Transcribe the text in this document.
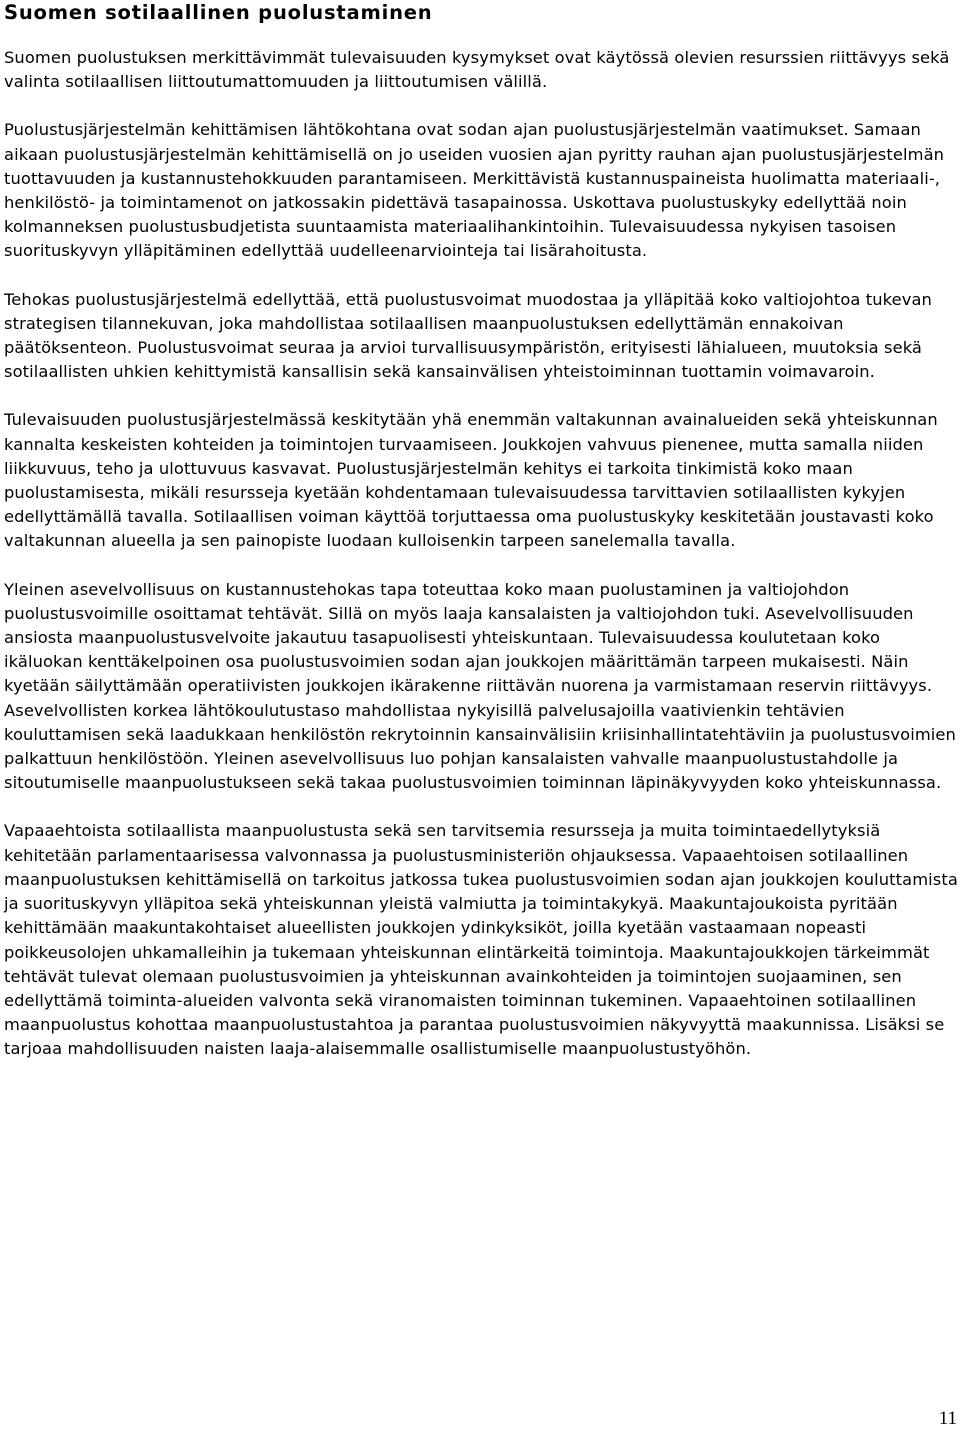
Suomen sotilaallinen puolustaminen

Suomen puolustuksen merkittävimmät tulevaisuuden kysymykset ovat käytössä olevien resurssien riittävyys sekä valinta sotilaallisen liittoutumattomuuden ja liittoutumisen välillä.

Puolustusjärjestelmän kehittämisen lähtökohtana ovat sodan ajan puolustusjärjestelmän vaatimukset. Samaan aikaan puolustusjärjestelmän kehittämisellä on jo useiden vuosien ajan pyritty rauhan ajan puolustusjärjestelmän tuottavuuden ja kustannustehokkuuden parantamiseen. Merkittävistä kustannuspaineista huolimatta materiaali-, henkilöstö- ja toimintamenot on jatkossakin pidettävä tasapainossa. Uskottava puolustuskyky edellyttää noin kolmanneksen puolustusbudjetista suuntaamista materiaalihankintoihin. Tulevaisuudessa nykyisen tasoisen suorituskyvyn ylläpitäminen edellyttää uudelleenarviointeja tai lisärahoitusta.

Tehokas puolustusjärjestelmä edellyttää, että puolustusvoimat muodostaa ja ylläpitää koko valtiojohtoa tukevan strategisen tilannekuvan, joka mahdollistaa sotilaallisen maanpuolustuksen edellyttämän ennakoivan päätöksenteon. Puolustusvoimat seuraa ja arvioi turvallisuusympäristön, erityisesti lähialueen, muutoksia sekä sotilaallisten uhkien kehittymistä kansallisin sekä kansainvälisen yhteistoiminnan tuottamin voimavaroin.

Tulevaisuuden puolustusjärjestelmässä keskitytään yhä enemmän valtakunnan avainalueiden sekä yhteiskunnan kannalta keskeisten kohteiden ja toimintojen turvaamiseen. Joukkojen vahvuus pienenee, mutta samalla niiden liikkuvuus, teho ja ulottuvuus kasvavat. Puolustusjärjestelmän kehitys ei tarkoita tinkimistä koko maan puolustamisesta, mikäli resursseja kyetään kohdentamaan tulevaisuudessa tarvittavien sotilaallisten kykyjen edellyttämällä tavalla. Sotilaallisen voiman käyttöä torjuttaessa oma puolustuskyky keskitetään joustavasti koko valtakunnan alueella ja sen painopiste luodaan kulloisenkin tarpeen sanelemalla tavalla.

Yleinen asevelvollisuus on kustannustehokas tapa toteuttaa koko maan puolustaminen ja valtiojohdon puolustusvoimille osoittamat tehtävät. Sillä on myös laaja kansalaisten ja valtiojohdon tuki. Asevelvollisuuden ansiosta maanpuolustusvelvoite jakautuu tasapuolisesti yhteiskuntaan. Tulevaisuudessa koulutetaan koko ikäluokan kenttäkelpoinen osa puolustusvoimien sodan ajan joukkojen määrittämän tarpeen mukaisesti. Näin kyetään säilyttämään operatiivisten joukkojen ikärakenne riittävän nuorena ja varmistamaan reservin riittävyys. Asevelvollisten korkea lähtökoulutustaso mahdollistaa nykyisillä palvelusajoilla vaativienkin tehtävien kouluttamisen sekä laadukkaan henkilöstön rekrytoinnin kansainvälisiin kriisinhallintatehtäviin ja puolustusvoimien palkattuun henkilöstöön. Yleinen asevelvollisuus luo pohjan kansalaisten vahvalle maanpuolustustahdolle ja sitoutumiselle maanpuolustukseen sekä takaa puolustusvoimien toiminnan läpinäkyvyyden koko yhteiskunnassa.

Vapaaehtoista sotilaallista maanpuolustusta sekä sen tarvitsemia resursseja ja muita toimintaedellytyksiä kehitetään parlamentaarisessa valvonnassa ja puolustusministeriön ohjauksessa. Vapaaehtoisen sotilaallinen maanpuolustuksen kehittämisellä on tarkoitus jatkossa tukea puolustusvoimien sodan ajan joukkojen kouluttamista ja suorituskyvyn ylläpitoa sekä yhteiskunnan yleistä valmiutta ja toimintakykyä. Maakuntajoukoista pyritään kehittämään maakuntakohtaiset alueellisten joukkojen ydinkyksiköt, joilla kyetään vastaamaan nopeasti poikkeusolojen uhkamalleihin ja tukemaan yhteiskunnan elintärkeitä toimintoja. Maakuntajoukkojen tärkeimmät tehtävät tulevat olemaan puolustusvoimien ja yhteiskunnan avainkohteiden ja toimintojen suojaaminen, sen edellyttämä toiminta-alueiden valvonta sekä viranomaisten toiminnan tukeminen. Vapaaehtoinen sotilaallinen maanpuolustus kohottaa maanpuolustustahtoa ja parantaa puolustusvoimien näkyvyyttä maakunnissa. Lisäksi se tarjoaa mahdollisuuden naisten laaja-alaisemmalle osallistumiselle maanpuolustustyöhön.

11
